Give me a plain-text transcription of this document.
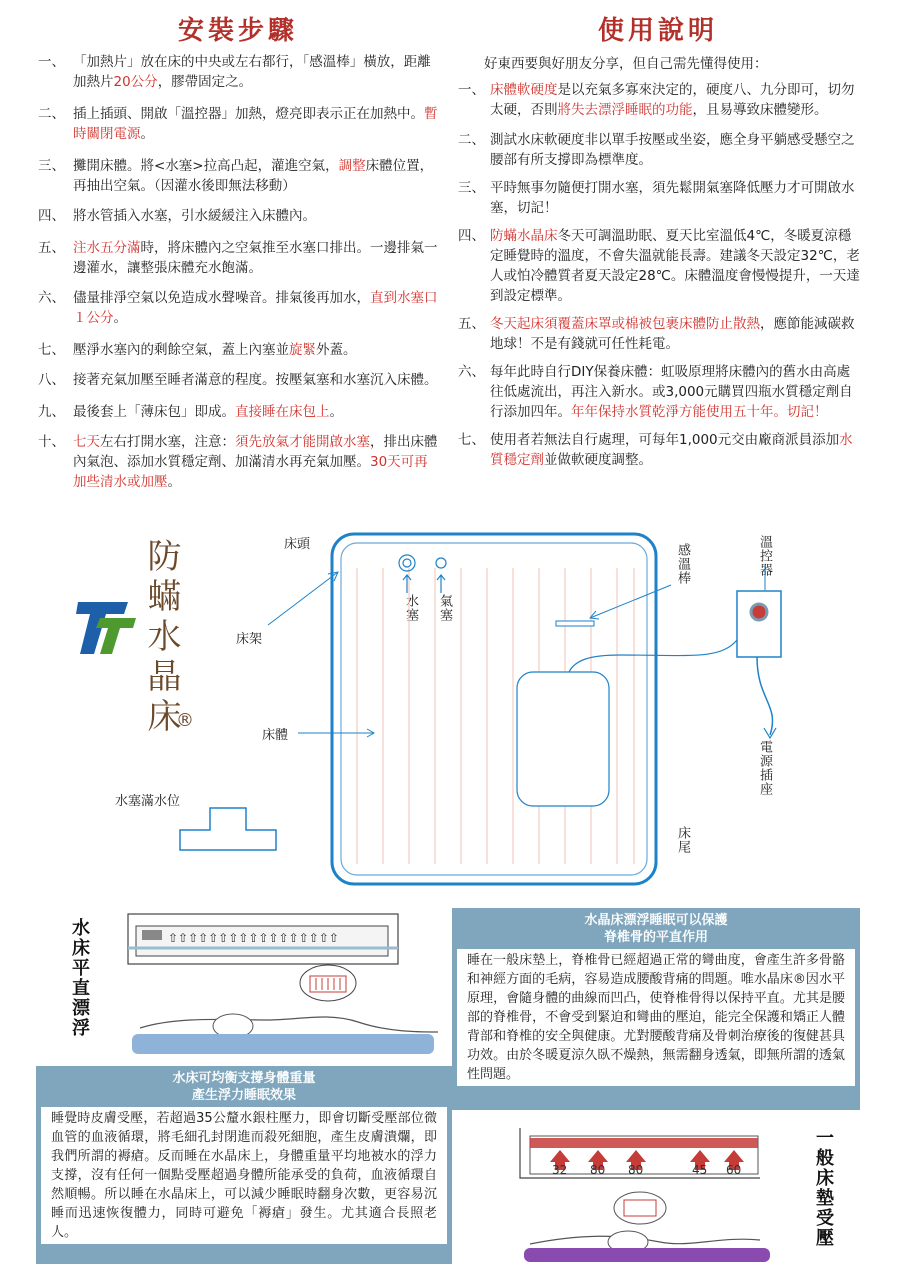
安裝步驟	使用說明
一、 「加熱片」放在床的中央或左右都行，「感溫棒」橫放，距離加熱片20公分，膠帶固定之。
二、 插上插頭、開啟「溫控器」加熱，燈亮即表示正在加熱中。暫時關閉電源。
三、 攤開床體。將<水塞>拉高凸起，灌進空氣，調整床體位置，再抽出空氣。（因灌水後即無法移動）
四、 將水管插入水塞，引水緩緩注入床體內。
五、 注水五分滿時，將床體內之空氣推至水塞口排出。一邊排氣一邊灌水，讓整張床體充水飽滿。
六、 儘量排淨空氣以免造成水聲噪音。排氣後再加水，直到水塞口１公分。
七、 壓淨水塞內的剩餘空氣，蓋上內塞並旋緊外蓋。
八、 接著充氣加壓至睡者滿意的程度。按壓氣塞和水塞沉入床體。
九、 最後套上「薄床包」即成。直接睡在床包上。
十、 七天左右打開水塞，注意：須先放氣才能開啟水塞，排出床體內氣泡、添加水質穩定劑、加滿清水再充氣加壓。30天可再加些清水或加壓。
好東西要與好朋友分享，但自己需先懂得使用：
一、 床體軟硬度是以充氣多寡來決定的，硬度八、九分即可，切勿太硬，否則將失去漂浮睡眠的功能，且易導致床體變形。
二、 測試水床軟硬度非以單手按壓或坐姿，應全身平躺感受懸空之腰部有所支撐即為標準度。
三、 平時無事勿隨便打開水塞，須先鬆開氣塞降低壓力才可開啟水塞，切記！
四、 防蟎水晶床冬天可調溫助眠、夏天比室溫低4℃，冬暖夏涼穩定睡覺時的溫度，不會失溫就能長壽。建議冬天設定32℃，老人或怕冷體質者夏天設定28℃。床體溫度會慢慢提升，一天達到設定標準。
五、 冬天起床須覆蓋床罩或棉被包裹床體防止散熱，應節能減碳救地球！不是有錢就可任性耗電。
六、 每年此時自行DIY保養床體：虹吸原理將床體內的舊水由高處往低處流出，再注入新水。或3,000元購買四瓶水質穩定劑自行添加四年。年年保持水質乾淨方能使用五十年。切記！
七、 使用者若無法自行處理，可每年1,000元交由廠商派員添加水質穩定劑並做軟硬度調整。
防蟎水晶床
®
床頭
床架
床體
水塞滿水位
水塞 氣塞
感溫棒	溫控器
電源插座
床尾
水床平直漂浮	⇧⇧⇧⇧⇧⇧⇧⇧⇧⇧⇧⇧⇧⇧⇧⇧⇧
水床可均衡支撐身體重量
產生浮力睡眠效果
睡覺時皮膚受壓，若超過35公釐水銀柱壓力，即會切斷受壓部位微血管的血液循環，將毛細孔封閉進而殺死細胞，產生皮膚潰爛，即我們所謂的褥瘡。反而睡在水晶床上，身體重量平均地被水的浮力支撐，沒有任何一個點受壓超過身體所能承受的負荷，血液循環自然順暢。所以睡在水晶床上，可以減少睡眠時翻身次數，更容易沉睡而迅速恢復體力，同時可避免「褥瘡」發生。尤其適合長照老人。
水晶床漂浮睡眠可以保護
脊椎骨的平直作用
睡在一般床墊上，脊椎骨已經超過正常的彎曲度，會產生許多骨骼和神經方面的毛病，容易造成腰酸背痛的問題。唯水晶床®因水平原理，會隨身體的曲線而凹凸，使脊椎骨得以保持平直。尤其是腰部的脊椎骨，不會受到緊迫和彎曲的壓迫，能完全保護和矯正人體背部和脊椎的安全與健康。尤對腰酸背痛及骨刺治療後的復健甚具功效。由於冬暖夏涼久臥不燥熱，無需翻身透氣，即無所謂的透氣性問題。
32 80 80	45 60	一般床墊受壓
